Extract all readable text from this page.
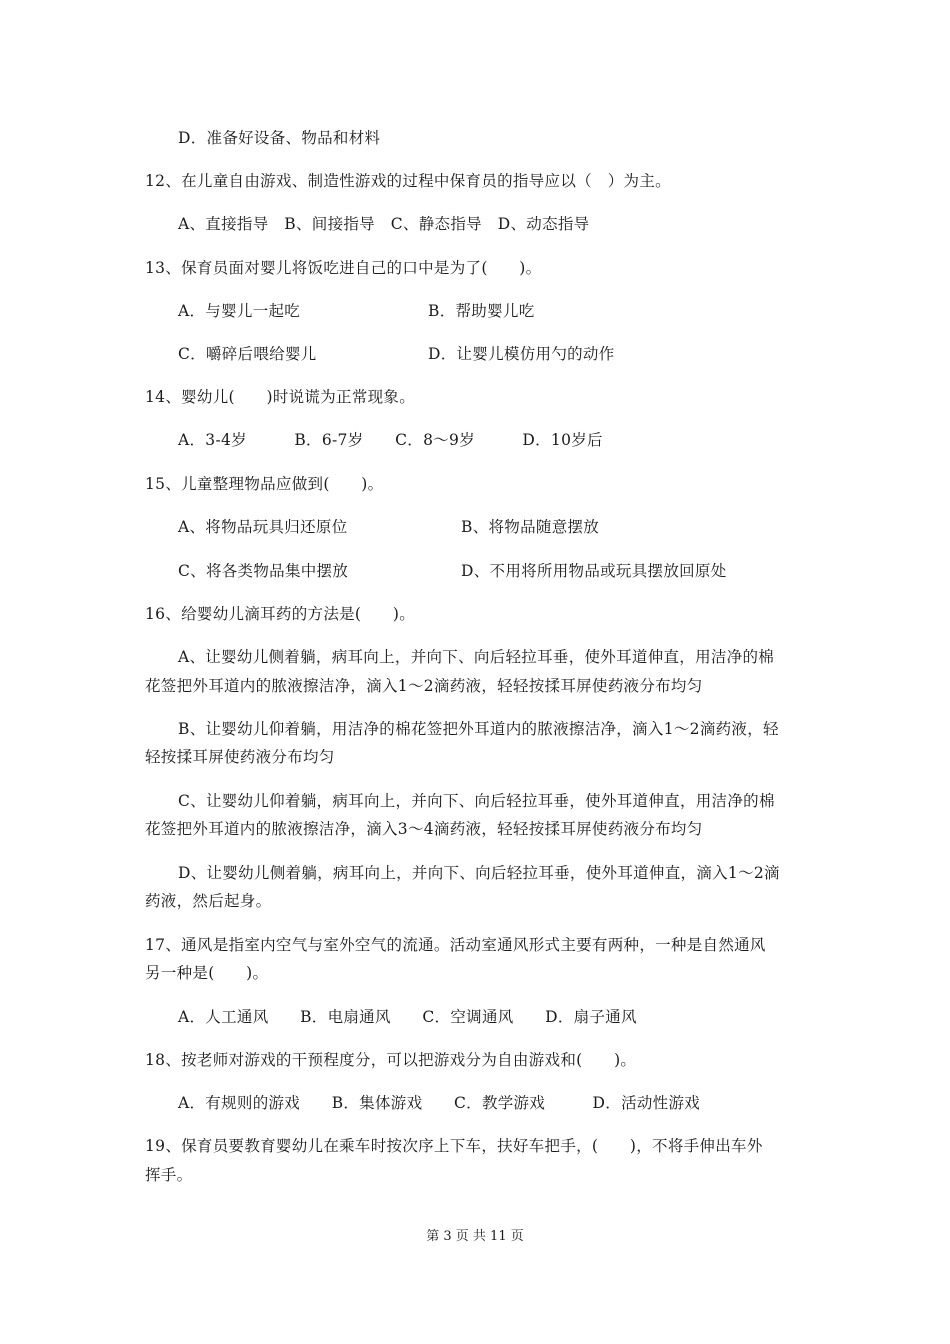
D．准备好设备、物品和材料
12、在儿童自由游戏、制造性游戏的过程中保育员的指导应以（　）为主。
A、直接指导　B、间接指导　C、静态指导　D、动态指导
13、保育员面对婴儿将饭吃进自己的口中是为了(　　)。
A．与婴儿一起吃	B．帮助婴儿吃
C．嚼碎后喂给婴儿	D．让婴儿模仿用勺的动作
14、婴幼儿(　　)时说谎为正常现象。
A．3-4岁　　　B．6-7岁　　C．8～9岁　　　D．10岁后
15、儿童整理物品应做到(　　)。
A、将物品玩具归还原位	B、将物品随意摆放
C、将各类物品集中摆放	D、不用将所用物品或玩具摆放回原处
16、给婴幼儿滴耳药的方法是(　　)。
A、让婴幼儿侧着躺，病耳向上，并向下、向后轻拉耳垂，使外耳道伸直，用洁净的棉
花签把外耳道内的脓液擦洁净，滴入1～2滴药液，轻轻按揉耳屏使药液分布均匀
B、让婴幼儿仰着躺，用洁净的棉花签把外耳道内的脓液擦洁净，滴入1～2滴药液，轻
轻按揉耳屏使药液分布均匀
C、让婴幼儿仰着躺，病耳向上，并向下、向后轻拉耳垂，使外耳道伸直，用洁净的棉
花签把外耳道内的脓液擦洁净，滴入3～4滴药液，轻轻按揉耳屏使药液分布均匀
D、让婴幼儿侧着躺，病耳向上，并向下、向后轻拉耳垂，使外耳道伸直，滴入1～2滴
药液，然后起身。
17、通风是指室内空气与室外空气的流通。活动室通风形式主要有两种，一种是自然通风
另一种是(　　)。
A．人工通风　　B．电扇通风　　C．空调通风　　D．扇子通风
18、按老师对游戏的干预程度分，可以把游戏分为自由游戏和(　　)。
A．有规则的游戏　　B．集体游戏　　C．教学游戏　　　D．活动性游戏
19、保育员要教育婴幼儿在乘车时按次序上下车，扶好车把手，(　　)，不将手伸出车外
挥手。
第 3 页 共 11 页
